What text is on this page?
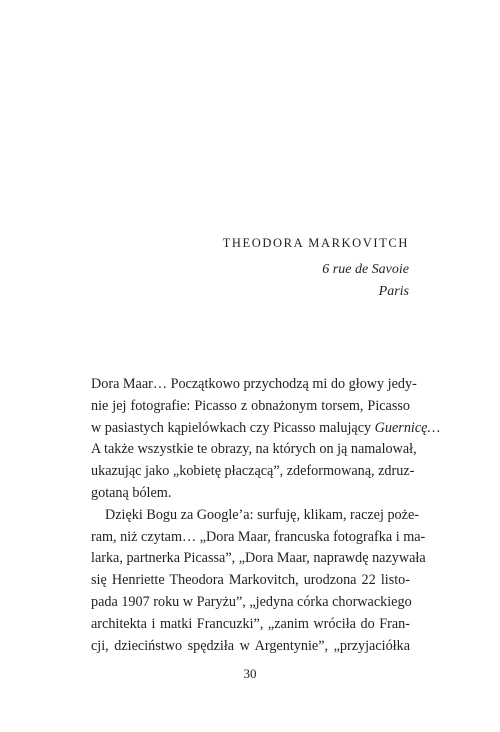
THEODORA MARKOVITCH
6 rue de Savoie
Paris
Dora Maar… Początkowo przychodzą mi do głowy jedy-
nie jej fotografie: Picasso z obnażonym torsem, Picasso
w pasiastych kąpielówkach czy Picasso malujący Guernicę…
A także wszystkie te obrazy, na których on ją namalował,
ukazując jako „kobietę płaczącą”, zdeformowaną, zdruz-
gotaną bólem.
Dzięki Bogu za Google’a: surfuję, klikam, raczej poże-
ram, niż czytam… „Dora Maar, francuska fotografka i ma-
larka, partnerka Picassa”, „Dora Maar, naprawdę nazywała
się Henriette Theodora Markovitch, urodzona 22 listo-
pada 1907 roku w Paryżu”, „jedyna córka chorwackiego
architekta i matki Francuzki”, „zanim wróciła do Fran-
cji, dzieciństwo spędziła w Argentynie”, „przyjaciółka
30
